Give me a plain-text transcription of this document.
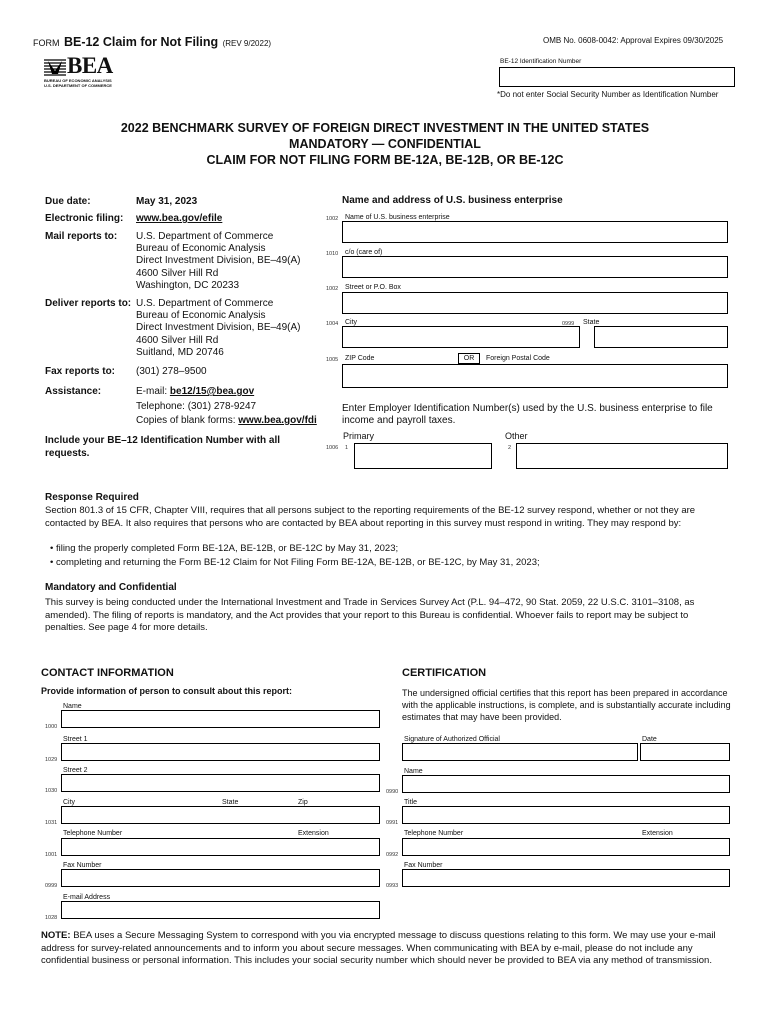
FORM BE-12 Claim for Not Filing (REV 9/2022)	OMB No. 0608-0042: Approval Expires 09/30/2025
BEA
BUREAU OF ECONOMIC ANALYSIS
U.S. DEPARTMENT OF COMMERCE
BE-12 Identification Number
*Do not enter Social Security Number as Identification Number
2022 BENCHMARK SURVEY OF FOREIGN DIRECT INVESTMENT IN THE UNITED STATES
MANDATORY — CONFIDENTIAL
CLAIM FOR NOT FILING FORM BE-12A, BE-12B, OR BE-12C
Due date:	May 31, 2023
Electronic filing: www.bea.gov/efile
Mail reports to: U.S. Department of Commerce
Bureau of Economic Analysis
Direct Investment Division, BE–49(A)
4600 Silver Hill Rd
Washington, DC 20233
Deliver reports to: U.S. Department of Commerce
Bureau of Economic Analysis
Direct Investment Division, BE–49(A)
4600 Silver Hill Rd
Suitland, MD 20746
Fax reports to: (301) 278–9500
Assistance:	E-mail: be12/15@bea.gov
Telephone: (301) 278-9247
Copies of blank forms: www.bea.gov/fdi
Include your BE–12 Identification Number with all requests.
Name and address of U.S. business enterprise
1002 Name of U.S. business enterprise
1010 c/o (care of)
1002 Street or P.O. Box
1004 City	0999 State
1005 ZIP Code	OR	Foreign Postal Code
Enter Employer Identification Number(s) used by the U.S. business enterprise to file income and payroll taxes.
Primary	Other
1006 1	2
Response Required
Section 801.3 of 15 CFR, Chapter VIII, requires that all persons subject to the reporting requirements of the BE-12 survey respond, whether or not they are contacted by BEA. It also requires that persons who are contacted by BEA about reporting in this survey must respond in writing. They may respond by:
• filing the properly completed Form BE-12A, BE-12B, or BE-12C by May 31, 2023;
• completing and returning the Form BE-12 Claim for Not Filing Form BE-12A, BE-12B, or BE-12C, by May 31, 2023;
Mandatory and Confidential
This survey is being conducted under the International Investment and Trade in Services Survey Act (P.L. 94–472, 90 Stat. 2059, 22 U.S.C. 3101–3108, as amended). The filing of reports is mandatory, and the Act provides that your report to this Bureau is confidential. Whoever fails to report may be subject to penalties. See page 4 for more details.
CONTACT INFORMATION
Provide information of person to consult about this report:
Name
1000
Street 1
1029
Street 2
1030
City	State	Zip
1031
Telephone Number	Extension
1001
Fax Number
0999
E-mail Address
1028
CERTIFICATION
The undersigned official certifies that this report has been prepared in accordance with the applicable instructions, is complete, and is substantially accurate including estimates that may have been provided.
Signature of Authorized Official	Date
Name
0990
Title
0991
Telephone Number	Extension
0992
Fax Number
0993
NOTE: BEA uses a Secure Messaging System to correspond with you via encrypted message to discuss questions relating to this form. We may use your e-mail address for survey-related announcements and to inform you about secure messages. When communicating with BEA by e-mail, please do not include any confidential business or personal information. This includes your social security number which should never be provided to BEA via any method of transmission.
